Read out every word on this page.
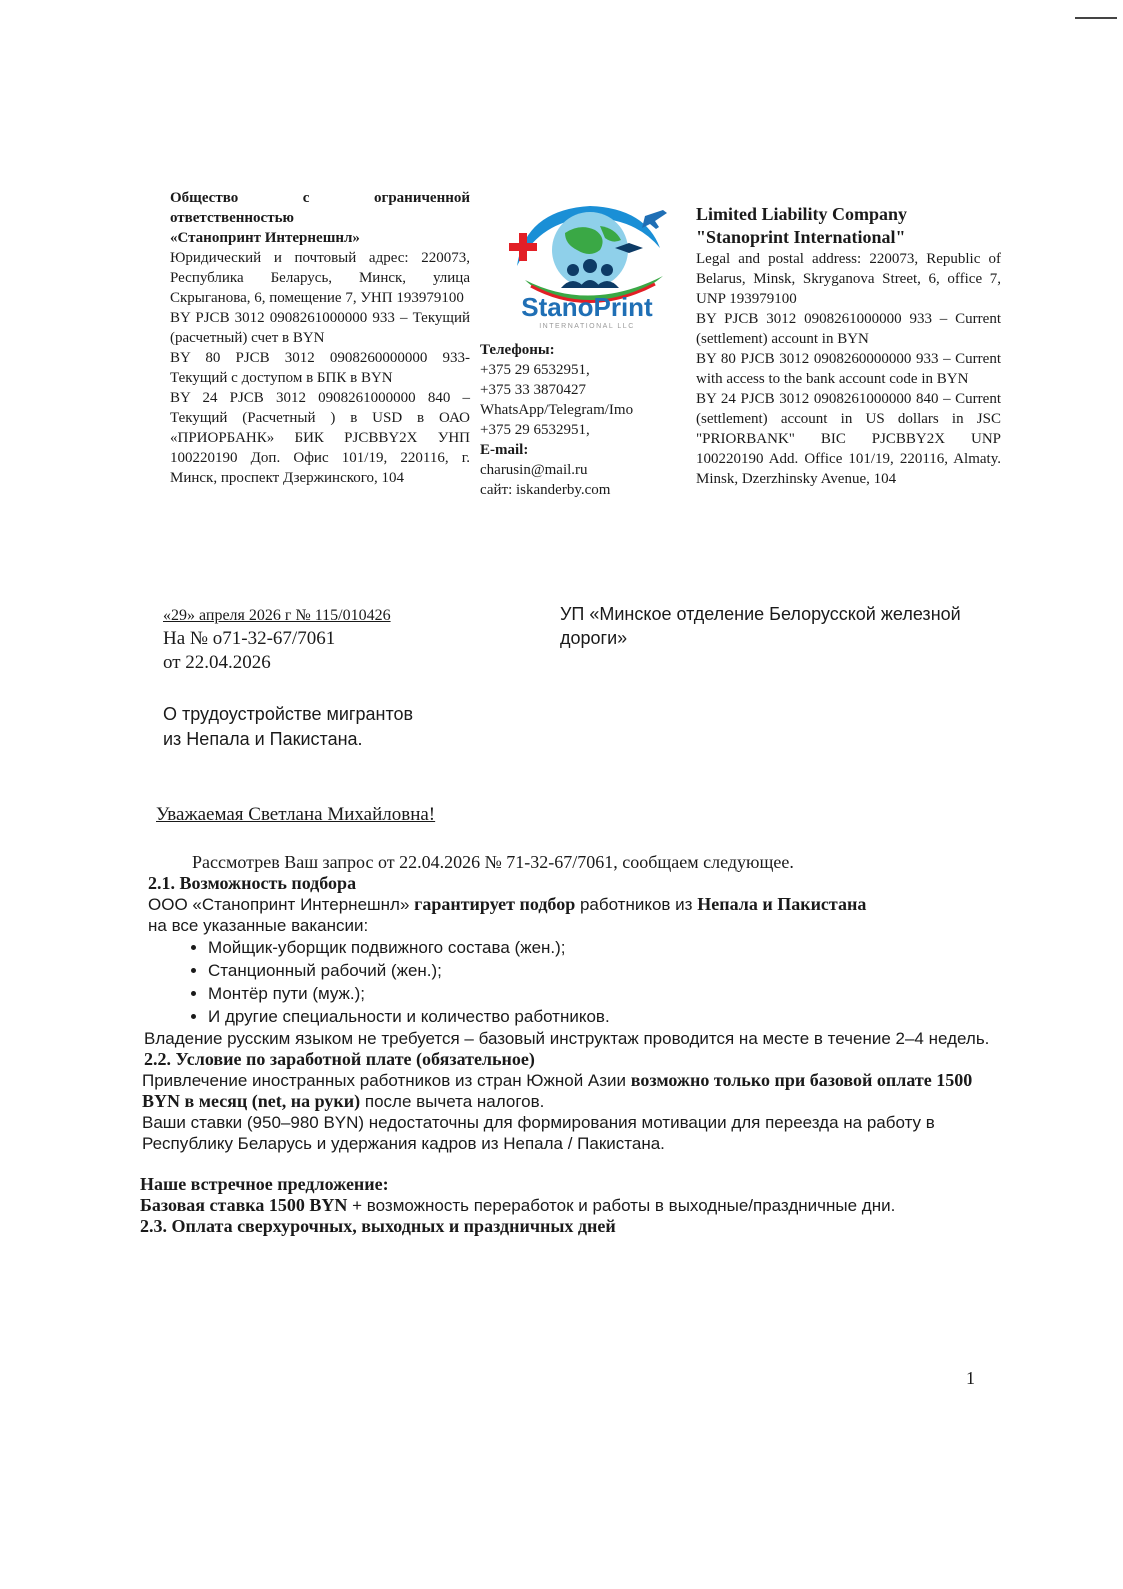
Общество	с	ограниченной
ответственностью
«Станопринт Интернешнл»
Юридический и почтовый адрес: 220073, Республика Беларусь, Минск, улица Скрыганова, 6, помещение 7, УНП 193979100
BY PJCB 3012 0908261000000 933 – Текущий (расчетный) счет в BYN
BY 80 PJCB 3012 0908260000000 933- Текущий с доступом в БПК в BYN
BY 24 PJCB 3012 0908261000000 840 – Текущий (Расчетный ) в USD в ОАО «ПРИОРБАНК» БИК PJCBBY2X УНП 100220190 Доп. Офис 101/19, 220116, г. Минск, проспект Дзержинского, 104
StanoPrint
INTERNATIONAL LLC
Телефоны:
+375 29 6532951,
+375 33 3870427
WhatsApp/Telegram/Imo
+375 29 6532951,
E-mail:
charusin@mail.ru
сайт: iskanderby.com
Limited Liability Company
"Stanoprint International"
Legal and postal address: 220073, Republic of Belarus, Minsk, Skryganova Street, 6, office 7, UNP 193979100
BY PJCB 3012 0908261000000 933 – Current (settlement) account in BYN
BY 80 PJCB 3012 0908260000000 933 – Current with access to the bank account code in BYN
BY 24 PJCB 3012 0908261000000 840 – Current (settlement) account in US dollars in JSC "PRIORBANK" BIC PJCBBY2X UNP 100220190 Add. Office 101/19, 220116, Almaty. Minsk, Dzerzhinsky Avenue, 104
«29» апреля 2026 г № 115/010426
На № о71-32-67/7061
от 22.04.2026
УП «Минское отделение Белорусской железной дороги»
О трудоустройстве мигрантов
из Непала и Пакистана.
Уважаемая Светлана Михайловна!

Рассмотрев Ваш запрос от 22.04.2026 № 71-32-67/7061, сообщаем следующее.

2.1. Возможность подбора

ООО «Станопринт Интернешнл» гарантирует подбор работников из Непала и Пакистана

на все указанные вакансии:

• Мойщик-уборщик подвижного состава (жен.);
• Станционный рабочий (жен.);
• Монтёр пути (муж.);
• И другие специальности и количество работников.

Владение русским языком не требуется – базовый инструктаж проводится на месте в течение 2–4 недель.

2.2. Условие по заработной плате (обязательное)

Привлечение иностранных работников из стран Южной Азии возможно только при базовой оплате 1500 BYN в месяц (net, на руки) после вычета налогов.

Ваши ставки (950–980 BYN) недостаточны для формирования мотивации для переезда на работу в Республику Беларусь и удержания кадров из Непала / Пакистана.

Наше встречное предложение:

Базовая ставка 1500 BYN + возможность переработок и работы в выходные/праздничные дни.

2.3. Оплата сверхурочных, выходных и праздничных дней

1
